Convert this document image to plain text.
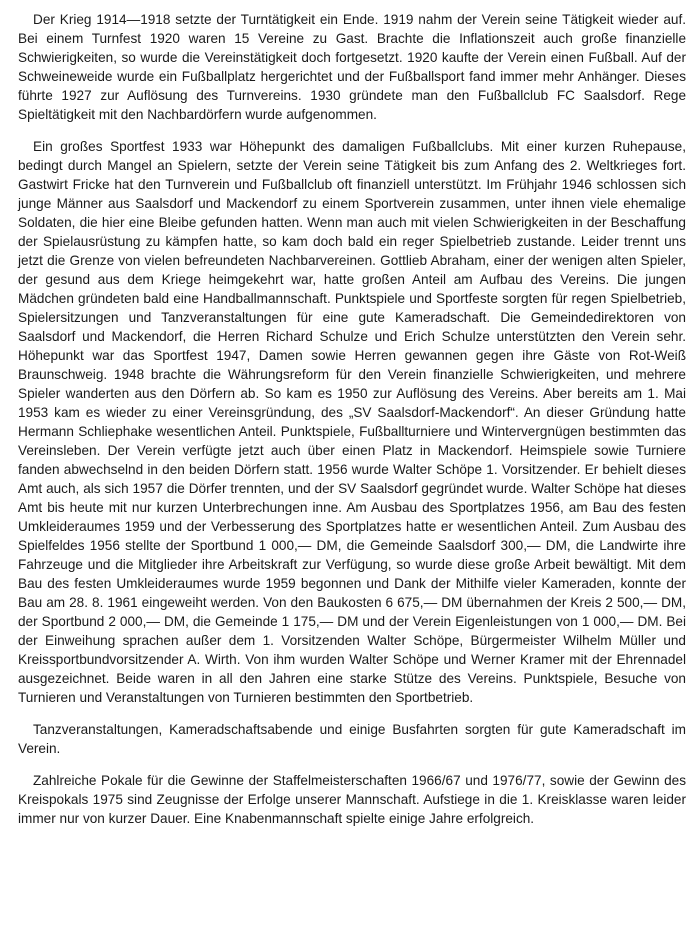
Der Krieg 1914—1918 setzte der Turntätigkeit ein Ende. 1919 nahm der Verein seine Tätigkeit wieder auf. Bei einem Turnfest 1920 waren 15 Vereine zu Gast. Brachte die Inflationszeit auch große finanzielle Schwierigkeiten, so wurde die Vereinstätigkeit doch fortgesetzt. 1920 kaufte der Verein einen Fußball. Auf der Schweineweide wurde ein Fußballplatz hergerichtet und der Fußballsport fand immer mehr Anhänger. Dieses führte 1927 zur Auflösung des Turnvereins. 1930 gründete man den Fußballclub FC Saalsdorf. Rege Spieltätigkeit mit den Nachbardörfern wurde aufgenommen.

Ein großes Sportfest 1933 war Höhepunkt des damaligen Fußballclubs. Mit einer kurzen Ruhepause, bedingt durch Mangel an Spielern, setzte der Verein seine Tätigkeit bis zum Anfang des 2. Weltkrieges fort. Gastwirt Fricke hat den Turnverein und Fußballclub oft finanziell unterstützt. Im Frühjahr 1946 schlossen sich junge Männer aus Saalsdorf und Mackendorf zu einem Sportverein zusammen, unter ihnen viele ehemalige Soldaten, die hier eine Bleibe gefunden hatten. Wenn man auch mit vielen Schwierigkeiten in der Beschaffung der Spielausrüstung zu kämpfen hatte, so kam doch bald ein reger Spielbetrieb zustande. Leider trennt uns jetzt die Grenze von vielen befreundeten Nachbarvereinen. Gottlieb Abraham, einer der wenigen alten Spieler, der gesund aus dem Kriege heimgekehrt war, hatte großen Anteil am Aufbau des Vereins. Die jungen Mädchen gründeten bald eine Handballmannschaft. Punktspiele und Sportfeste sorgten für regen Spielbetrieb, Spielersitzungen und Tanzveranstaltungen für eine gute Kameradschaft. Die Gemeindedirektoren von Saalsdorf und Mackendorf, die Herren Richard Schulze und Erich Schulze unterstützten den Verein sehr. Höhepunkt war das Sportfest 1947, Damen sowie Herren gewannen gegen ihre Gäste von Rot-Weiß Braunschweig. 1948 brachte die Währungsreform für den Verein finanzielle Schwierigkeiten, und mehrere Spieler wanderten aus den Dörfern ab. So kam es 1950 zur Auflösung des Vereins. Aber bereits am 1. Mai 1953 kam es wieder zu einer Vereinsgründung, des „SV Saalsdorf-Mackendorf“. An dieser Gründung hatte Hermann Schliephake wesentlichen Anteil. Punktspiele, Fußballturniere und Wintervergnügen bestimmten das Vereinsleben. Der Verein verfügte jetzt auch über einen Platz in Mackendorf. Heimspiele sowie Turniere fanden abwechselnd in den beiden Dörfern statt. 1956 wurde Walter Schöpe 1. Vorsitzender. Er behielt dieses Amt auch, als sich 1957 die Dörfer trennten, und der SV Saalsdorf gegründet wurde. Walter Schöpe hat dieses Amt bis heute mit nur kurzen Unterbrechungen inne. Am Ausbau des Sportplatzes 1956, am Bau des festen Umkleideraumes 1959 und der Verbesserung des Sportplatzes hatte er wesentlichen Anteil. Zum Ausbau des Spielfeldes 1956 stellte der Sportbund 1 000,— DM, die Gemeinde Saalsdorf 300,— DM, die Landwirte ihre Fahrzeuge und die Mitglieder ihre Arbeitskraft zur Verfügung, so wurde diese große Arbeit bewältigt. Mit dem Bau des festen Umkleideraumes wurde 1959 begonnen und Dank der Mithilfe vieler Kameraden, konnte der Bau am 28. 8. 1961 eingeweiht werden. Von den Baukosten 6 675,— DM übernahmen der Kreis 2 500,— DM, der Sportbund 2 000,— DM, die Gemeinde 1 175,— DM und der Verein Eigenleistungen von 1 000,— DM. Bei der Einweihung sprachen außer dem 1. Vorsitzenden Walter Schöpe, Bürgermeister Wilhelm Müller und Kreissportbundvorsitzender A. Wirth. Von ihm wurden Walter Schöpe und Werner Kramer mit der Ehrennadel ausgezeichnet. Beide waren in all den Jahren eine starke Stütze des Vereins. Punktspiele, Besuche von Turnieren und Veranstaltungen von Turnieren bestimmten den Sportbetrieb.

Tanzveranstaltungen, Kameradschaftsabende und einige Busfahrten sorgten für gute Kameradschaft im Verein.

Zahlreiche Pokale für die Gewinne der Staffelmeisterschaften 1966/67 und 1976/77, sowie der Gewinn des Kreispokals 1975 sind Zeugnisse der Erfolge unserer Mannschaft. Aufstiege in die 1. Kreisklasse waren leider immer nur von kurzer Dauer. Eine Knabenmannschaft spielte einige Jahre erfolgreich.
